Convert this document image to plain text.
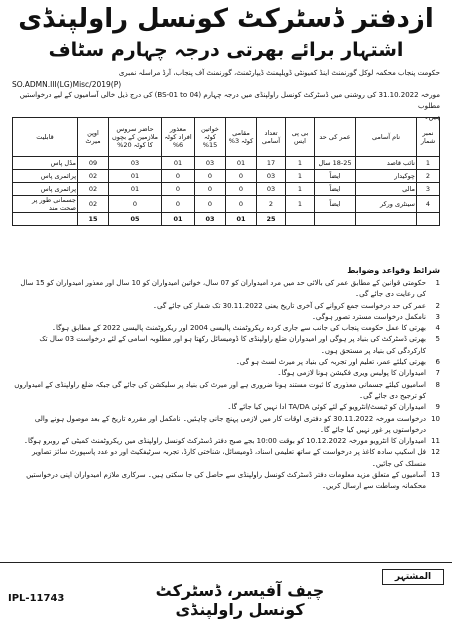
ازدفتر ڈسٹرکٹ کونسل راولپنڈی
اشتہار برائے بھرتی درجہ چہارم سٹاف
حکومت پنجاب محکمہ لوکل گورنمنٹ اینڈ کمیونٹی ڈویلپمنٹ ڈیپارٹمنٹ، گورنمنٹ آف پنجاب، آرڈ مراسلہ نمبری
SO.ADMN.III(LG)Misc/2019(P)
مورخہ 31.10.2022 کی روشنی میں ڈسٹرکٹ کونسل راولپنڈی میں درجہ چہارم (BS-01 to 04) کی درج ذیل خالی آسامیوں کے لیے درخواستیں مطلوب
ہیں۔
نمبر شمار	نام آسامی	عمر کی حد	بی پی ایس	تعداد آسامی	مقامی کوٹہ 3%	خواتین کوٹہ 15%	معذور افراد کوٹہ 6%	حاضر سروس ملازمین کے بچوں کا کوٹہ 20%	اوپن میرٹ	قابلیت
1	نائب قاصد	18-25 سال	1	17	01	03	01	03	09	مڈل پاس
2	چوکیدار	ایضاً	1	03	0	0	0	01	02	پرائمری پاس
3	مالی	ایضاً	1	03	0	0	0	01	02	پرائمری پاس
4	سینٹری ورکر	ایضاً	1	2	0	0	0	0	02	جسمانی طور پر صحت مند
				25	01	03	01	05	15	
شرائط وقواعد وضوابط
1
حکومتی قوانین کے مطابق عمر کی بالائی حد میں مرد امیدواران کو 07 سال، خواتین امیدواران کو 10 سال اور معذور امیدواران کو 15 سال کی رعایت دی جائے گی۔
2
عمر کی حد درخواست جمع کروانے کی آخری تاریخ یعنی 30.11.2022 تک شمار کی جائے گی۔
3
نامکمل درخواست مسترد تصور ہوگی۔
4
بھرتی کا عمل حکومت پنجاب کی جانب سے جاری کردہ ریکروٹمنٹ پالیسی 2004 اور ریکروٹمنٹ پالیسی 2022 کے مطابق ہوگا۔
5
بھرتی ڈسٹرکٹ کی بنیاد پر ہوگی اور امیدواران ضلع راولپنڈی کا ڈومیسائل رکھتا ہو اور مطلوبہ اسامی کے لئے درخواست 03 سال تک کارکردگی کی بنیاد پر مستحق ہوں۔
6
بھرتی کیلئے عمر، تعلیم اور تجربہ کی بنیاد پر میرٹ لسٹ ہو گی۔
7
امیدواران کا پولیس ویری فکیشن ہونا لازمی ہوگا۔
8
اسامیوں کیلئے جسمانی معذوری کا ثبوت مستند ہونا ضروری ہے اور میرٹ کی بنیاد پر سلیکشن کی جائے گی جبکہ ضلع راولپنڈی کے امیدواروں کو ترجیح دی جائے گی۔
9
امیدواران کو ٹیسٹ/انٹرویو کے لئے کوئی TA/DA ادا نہیں کیا جائے گا۔
10
درخواست مورخہ 30.11.2022 کو دفتری اوقات کار میں لازمی پہنچ جانی چاہئیں۔ نامکمل اور مقررہ تاریخ کے بعد موصول ہونے والی درخواستوں پر غور نہیں کیا جائے گا۔
11
امیدواران کا انٹرویو مورخہ 10.12.2022 کو بوقت 10:00 بجے صبح دفتر ڈسٹرکٹ کونسل راولپنڈی میں ریکروٹمنٹ کمیٹی کے روبرو ہوگا۔
12
فل اسکیپ سادہ کاغذ پر درخواست کے ساتھ تعلیمی اسناد، ڈومیسائل، شناختی کارڈ، تجربہ سرٹیفکیٹ اور دو عدد پاسپورٹ سائز تصاویر منسلک کی جائیں۔
13
آسامیوں کے متعلق مزید معلومات دفتر ڈسٹرکٹ کونسل راولپنڈی سے حاصل کی جا سکتی ہیں۔ سرکاری ملازم امیدواران اپنی درخواستیں محکمانہ وساطت سے ارسال کریں۔
المشتہر
چیف آفیسر، ڈسٹرکٹ کونسل راولپنڈی
IPL-11743
